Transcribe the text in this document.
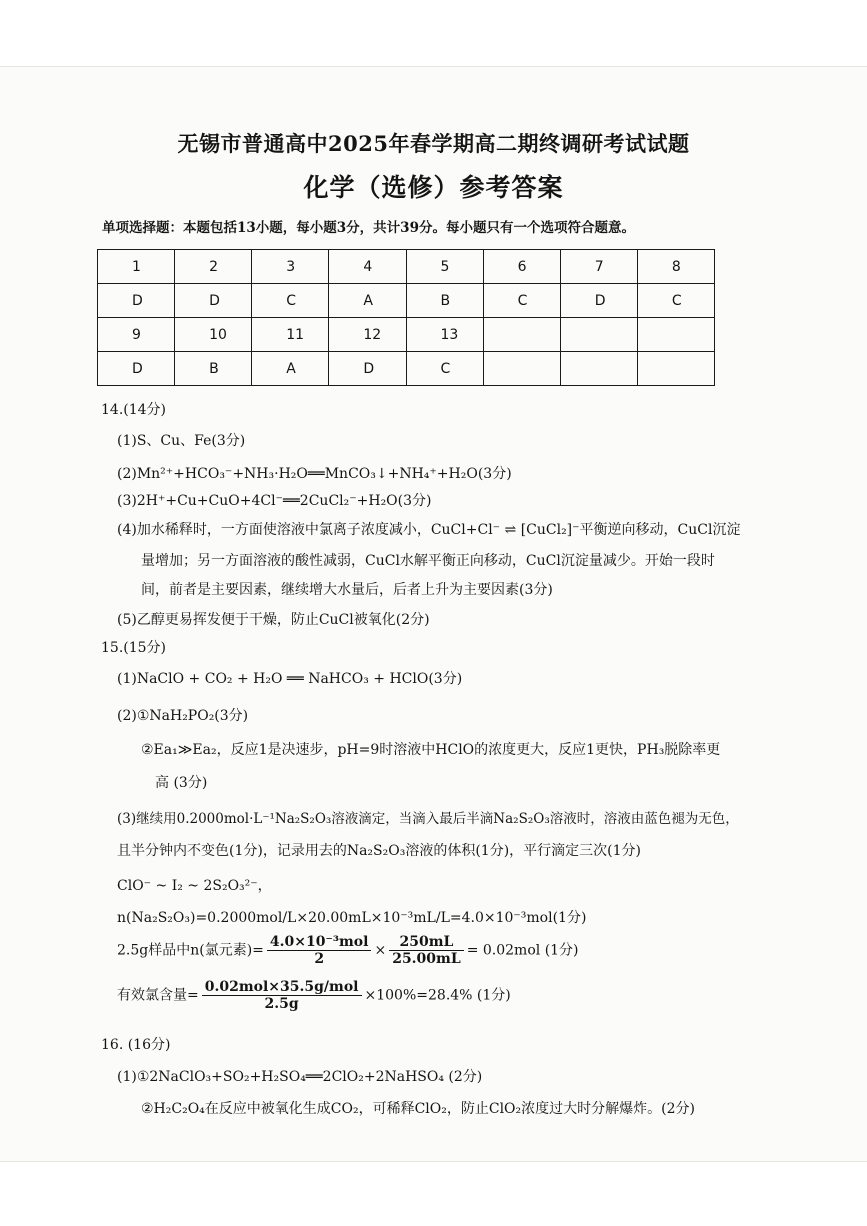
无锡市普通高中2025年春学期高二期终调研考试试题
化学（选修）参考答案
单项选择题：本题包括13小题，每小题3分，共计39分。每小题只有一个选项符合题意。
1	2	3	4	5	6	7	8

D	D	C	A	B	C	D	C

9	10	11	12	13			

D	B	A	D	C			

14.(14分)
(1)S、Cu、Fe(3分)
(2)Mn²⁺+HCO₃⁻+NH₃·H₂O══MnCO₃↓+NH₄⁺+H₂O(3分)
(3)2H⁺+Cu+CuO+4Cl⁻══2CuCl₂⁻+H₂O(3分)
(4)加水稀释时，一方面使溶液中氯离子浓度减小，CuCl+Cl⁻ ⇌ [CuCl₂]⁻平衡逆向移动，CuCl沉淀
量增加；另一方面溶液的酸性减弱，CuCl水解平衡正向移动，CuCl沉淀量减少。开始一段时
间，前者是主要因素，继续增大水量后，后者上升为主要因素(3分)
(5)乙醇更易挥发便于干燥，防止CuCl被氧化(2分)
15.(15分)
(1)NaClO + CO₂ + H₂O ══ NaHCO₃ + HClO(3分)
(2)①NaH₂PO₂(3分)
②Ea₁≫Ea₂，反应1是决速步，pH=9时溶液中HClO的浓度更大，反应1更快，PH₃脱除率更
高 (3分)
(3)继续用0.2000mol·L⁻¹Na₂S₂O₃溶液滴定，当滴入最后半滴Na₂S₂O₃溶液时，溶液由蓝色褪为无色，
且半分钟内不变色(1分)，记录用去的Na₂S₂O₃溶液的体积(1分)，平行滴定三次(1分)
ClO⁻ ~ I₂ ~ 2S₂O₃²⁻，
n(Na₂S₂O₃)=0.2000mol/L×20.00mL×10⁻³mL/L=4.0×10⁻³mol(1分)
2.5g样品中n(氯元素)= $\frac{\text{4.0×10⁻³mol}}{2} \times \frac{250mL}{25.00mL} = 0.02mol$ (1分)
有效氯含量= $\frac{\text{0.02mol×35.5g/mol}}{2.5g} \times 100\%=28.4\%$ (1分)
16. (16分)
(1)①2NaClO₃+SO₂+H₂SO₄══2ClO₂+2NaHSO₄ (2分)
②H₂C₂O₄在反应中被氧化生成CO₂，可稀释ClO₂，防止ClO₂浓度过大时分解爆炸。(2分)
